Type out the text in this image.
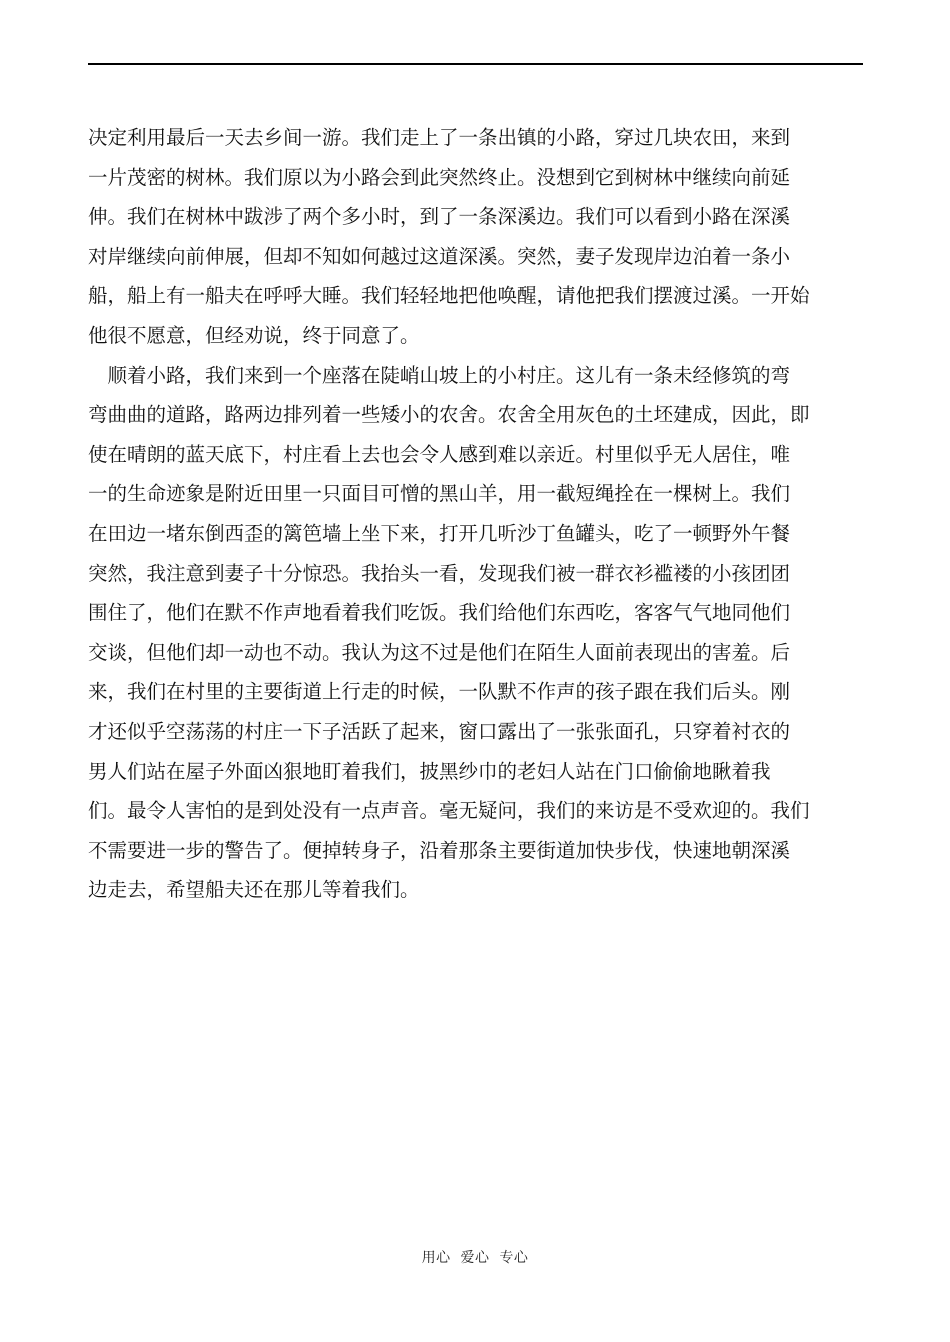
决定利用最后一天去乡间一游。我们走上了一条出镇的小路，穿过几块农田，来到
一片茂密的树林。我们原以为小路会到此突然终止。没想到它到树林中继续向前延
伸。我们在树林中跋涉了两个多小时，到了一条深溪边。我们可以看到小路在深溪
对岸继续向前伸展，但却不知如何越过这道深溪。突然，妻子发现岸边泊着一条小
船，船上有一船夫在呼呼大睡。我们轻轻地把他唤醒，请他把我们摆渡过溪。一开始
他很不愿意，但经劝说，终于同意了。
　顺着小路，我们来到一个座落在陡峭山坡上的小村庄。这儿有一条未经修筑的弯
弯曲曲的道路，路两边排列着一些矮小的农舍。农舍全用灰色的土坯建成，因此，即
使在晴朗的蓝天底下，村庄看上去也会令人感到难以亲近。村里似乎无人居住，唯
一的生命迹象是附近田里一只面目可憎的黑山羊，用一截短绳拴在一棵树上。我们
在田边一堵东倒西歪的篱笆墙上坐下来，打开几听沙丁鱼罐头，吃了一顿野外午餐
突然，我注意到妻子十分惊恐。我抬头一看，发现我们被一群衣衫褴褛的小孩团团
围住了，他们在默不作声地看着我们吃饭。我们给他们东西吃，客客气气地同他们
交谈，但他们却一动也不动。我认为这不过是他们在陌生人面前表现出的害羞。后
来，我们在村里的主要街道上行走的时候，一队默不作声的孩子跟在我们后头。刚
才还似乎空荡荡的村庄一下子活跃了起来，窗口露出了一张张面孔，只穿着衬衣的
男人们站在屋子外面凶狠地盯着我们，披黑纱巾的老妇人站在门口偷偷地瞅着我
们。最令人害怕的是到处没有一点声音。毫无疑问，我们的来访是不受欢迎的。我们
不需要进一步的警告了。便掉转身子，沿着那条主要街道加快步伐，快速地朝深溪
边走去，希望船夫还在那儿等着我们。
用心  爱心  专心
